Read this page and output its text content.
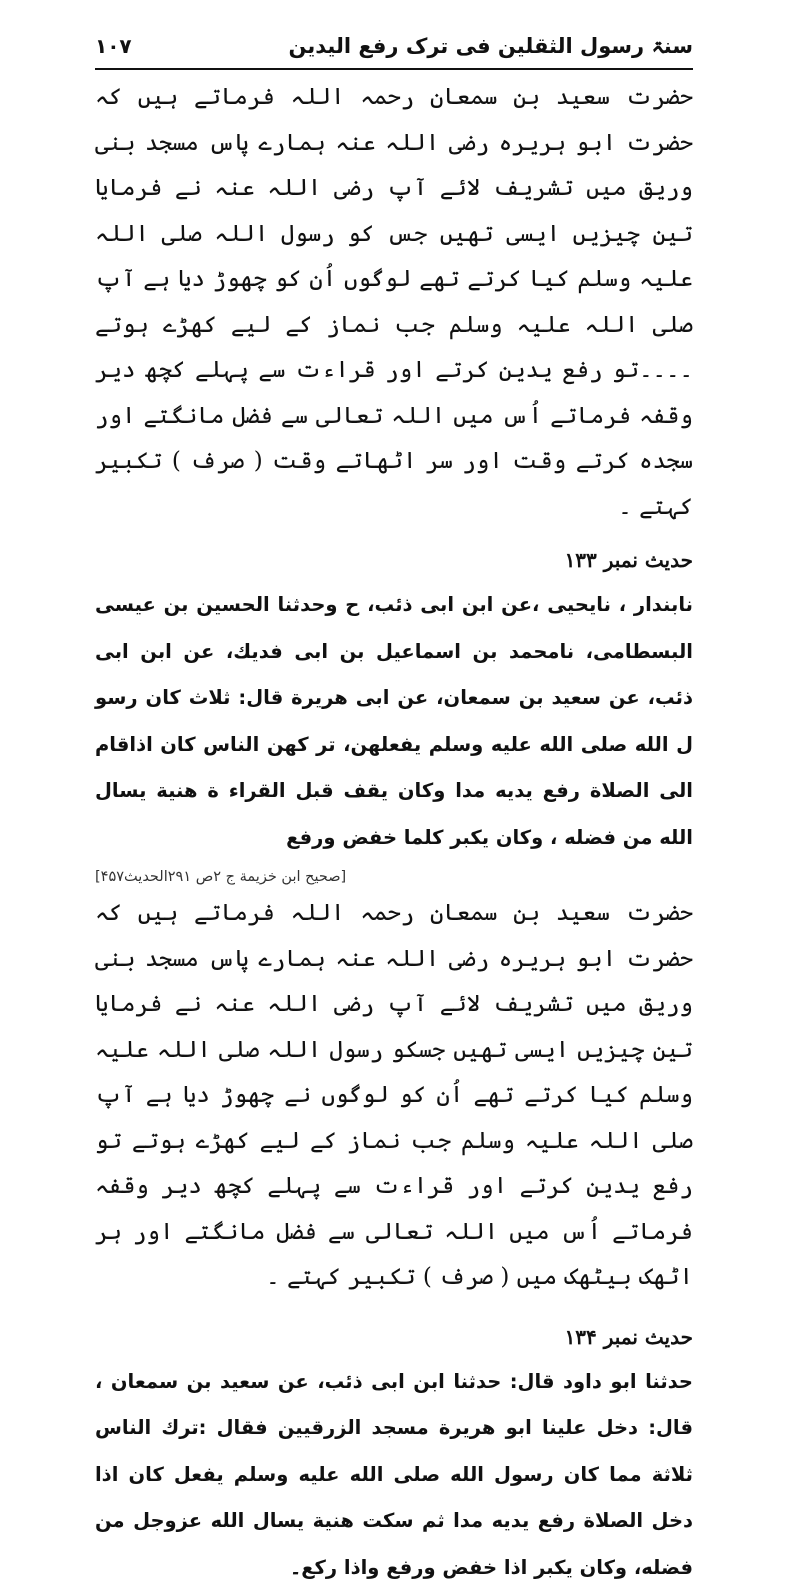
سنۃ رسول الثقلین فی ترک رفع الیدین
۱۰۷

حضرت سعید بن سمعان رحمہ اللہ فرماتے ہیں کہ حضرت ابو ہریرہ رضی اللہ عنہ ہمارے پاس مسجد بنی وریق میں تشریف لائے آپ رضی اللہ عنہ نے فرمایا تین چیزیں ایسی تھیں جس کو رسول اللہ صلی اللہ علیہ وسلم کیا کرتے تھے لوگوں اُن کو چھوڑ دیا ہے آپ صلی اللہ علیہ وسلم جب نماز کے لیے کھڑے ہوتے ۔۔۔۔تو رفع یدین کرتے اور قراءت سے پہلے کچھ دیر وقفہ فرماتے اُس میں اللہ تعالی سے فضل مانگتے اور سجدہ کرتے وقت اور سر اٹھاتے وقت ( صرف ) تکبیر کہتے ۔

حدیث نمبر ۱۳۳

نابندار ، نایحیی ،عن ابن ابی ذئب، ح وحدثنا الحسین بن عیسی البسطامی، نامحمد بن اسماعیل بن ابی فدیك، عن ابن ابی ذئب، عن سعید بن سمعان، عن ابی هریرة قال: ثلاث كان رسو ل الله صلی الله علیه وسلم یفعلهن، تر كهن الناس كان اذاقام الی الصلاة رفع یدیه مدا وكان یقف قبل القراء ة هنیة یسال الله من فضله ، وكان یكبر كلما خفض ورفع

[صحیح ابن خزیمة ج ۲ص ۲۹۱الحدیث۴۵۷]

حضرت سعید بن سمعان رحمہ اللہ فرماتے ہیں کہ حضرت ابو ہریرہ رضی اللہ عنہ ہمارے پاس مسجد بنی وریق میں تشریف لائے آپ رضی اللہ عنہ نے فرمایا تین چیزیں ایسی تھیں جسکو رسول اللہ صلی اللہ علیہ وسلم کیا کرتے تھے اُن کو لوگوں نے چھوڑ دیا ہے آپ صلی اللہ علیہ وسلم جب نماز کے لیے کھڑے ہوتے تو رفع یدین کرتے اور قراءت سے پہلے کچھ دیر وقفہ فرماتے اُس میں اللہ تعالی سے فضل مانگتے اور ہر اٹھک بیٹھک میں ( صرف ) تکبیر کہتے ۔

حدیث نمبر ۱۳۴

حدثنا ابو داود قال: حدثنا ابن ابی ذئب، عن سعید بن سمعان ، قال: دخل علینا ابو هریرة مسجد الزرقیین فقال :ترك الناس ثلاثة مما كان رسول الله صلی الله علیه وسلم یفعل كان اذا دخل الصلاة رفع یدیه مدا ثم سكت هنیة یسال الله عزوجل من فضله، وكان یكبر اذا خفض ورفع واذا ركع۔
